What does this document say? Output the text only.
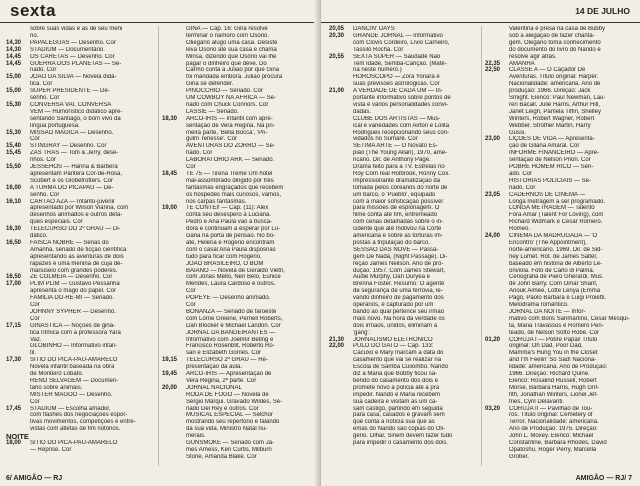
sexta
sobre suas vidas e as de seu meni
no.
14,30	PAPALÉGUAS — Desenho. Cor
14,30	STADIUM — Documentário.
14,45	OS CARETAS — Desenho. Cor
14,45	GUERRA DOS PLANETAS — Se-
riado. Cor
15,00	JOÃO DA SILVA — Novela didá-
tica. Cor
15,00	SUPER PRESIDENTE — De-
senho. Cor
15,30	CONVERSA VAI, CONVERSA
VEM — Humorístico didático apre-
sentando Santiago, o bom vivo da
língua portuguesa.
15,30	MISSÃO MÁGICA — Desenho.
Cor
15,40	STINGRAY — Desenho. Cor
15,45	ZAS TRÁS — Tom & Jerry, dese-
nhos. Cor
15,50	JESSEHOS — Hanna & Barbera
apresentam Pantera Cor-de-Rosa,
Scobert e os Globetrotters. Cor
16,00	A TURMA DO PICAPAU — De-
senho. Cor
16,10	CARTÃO AZA — Infanto-juvenil
apresentado por Wilson Vianna, com
desenhos animados e outros deta-
ques especiais. Cor
16,30	TELECURSO DO 2º GRAU — Di-
dático.
16,50	FAÍSCA NOBRE — Senas do
Amanhã, seriado de ficção científica
apresentando as aventuras de dois
rapazes e uma menina de cuja de-
manuseio com grandes poderes.
16,50	ZÉ COLMEIA — Desenho. Cor
17,00	PLIM PLIM — Gustavo Pessanha
apresenta o mago do papel. Cor
FAMÍLIA DÓ-RÉ-MI — Seriado.
Cor
JOHNNY SYPHER — Desenho.
Cor
17,15	GINÁSTICA — Noções de giná-
tica rítmica com a professora Yara
Vaz.
GLOBINHO — Informativo infan-
til.
17,30	SÍTIO DO PICA-PAU-AMARELO
Novela infantil baseada na obra
de Monteiro Lobato.
RENO SELVAGEM — Documen-
tário sobre animais.
MISTER MAGOO — Desenho.
Cor
17,45	STADIUM — Escolha amador,
com flashes dos negociações espor-
tivas movimentos, competições e entre-
vistas com atletas de fim notórios.
NOITE
18,00	SÍTIO DO PICA-PAU-AMARELO
— Reprise. Cor
GINA — Cap. 16: Gina resolve
terminar o namoro com Osório.
Oliegário alugo uma casa. Desiste
leva Osório até sua casa e chama
Minsa, dizendo que Osório vai lhe
pagar o dinheiro que deve. Do
Carmo conta a Julião por que Gina
foi mandada embora. Julião procura
Gina se defender.
PINOCCHIO — Seriado. Cor
UM COWBOY NA ÁFRICA — Se-
riado com Chuck Connors. Cor
LASSIE — Seriado.
18,30	ARCO-ÍRIS — Infantil com apre-
sentação de Vera Regina. Na pri-
meira parte, 'Bella Bocca', 'Pri-
gulm Tenesse'. Cor
AVENTURAS DO ZORRO — Se-
riado. Cor
LABORATÓRIO ARK — Seriado.
Cor
18,45	TE 75 — Tirena Treme Um hotel
mal-assombrado dirigido por três
fantasmas engraçados que recebem
os hóspedes mais curiosos, vamos,
nos carpas fantasmas.
19,00	TE CONTEI! — Cap. (11): Alex
conta seu desespero a Luciana.
Pedro e Ana Paula vão à busca-
dora e continuam a esperar por Lu-
ciana na porta de pensão. No bo-
ate, Helena e Rogério encontram
com o casal Ana Paula disposnas
tudo para ficar com Rogério.
JOÃO BRASILEIRO, O BOM
BAIANO — Novela de Geraldo Vietri,
com Jonas Mello, Neri Belo, Eunice
Mendes, Laura Cardoso e outros.
Cor
POPEYE — Desenho animado.
Cor
BONANZA — Seriado de faroeste
com Lorne Greene, Pernell Roberts,
Dan Blocker e Michael Landon. Cor
JORNAL DA BANDEIRANTES —
Informativo com Joelmir Beting e
Francisco Rosenblit, Roberto Ro-
sari e Elizabeth Gomes. Cor
19,15	TELECURSO 2º GRAU — Re-
presentação da aula.
19,45	ARCO-ÍRIS — Apresentação de
Vera Regina, 2ª parte. Cor
20,00	JORNAL NACIONAL
RODA DE FOGO — Novela de
Sérgio Marqui. Gravado Wildes, Se-
nado Del Rey e outros. Cor
MUSICAL ESPECIAL — Selchor
mostrando seu repertório e falando
da sua vida. Ministro Natal nu-
merais.
GUNSMOKE — Seriado com Ja-
mes Arness, Ken Curtis, Milburn
Stone, Amanda Blake. Cor
6/ AMIGÃO — RJ
14 DE JULHO
20,05	DANCIN' DAYS
20,30	GRANDE JORNAL — Informativo
com Clovis Cordeiro, Lívio Carneiro,
Tassilo Rocha. Cor
20,55	SEXTA SUPER — Saudade Não
Tem Idade, Semba-Canção. (Maté-
ria neste número.)
HORÓSCOPO — Zora Yonara e
suas previsões astrológicas. Cor
21,00	A VERDADE DE CADA UM — In-
portante informativo sobre pontos de
vista e vários personalidades convi-
dadas.
CLUBE DOS ARTISTAS — Mus-
ical e variedades com Airton e Lolita
Rodrigues recepcionando seus con-
vidados no Sumaré. Cor
SÉTIMA ARTE — O Novato Es-
pião (The Young Allan), 1970, ame-
ricano. Dir. de Anthony Page.
Drama feito para a TV. Estrelas no
Roy Com real Holbrook, Ronny Cox.
Impressionante dramatização da
tomada pelos coreanos do norte de
um barco, o 'Pueblo', equipado
com a maior sofisticação possível
para missões de espionagem. O
filme conta até fim, entremeado
com cenas detalhadas sobre o in-
cidente que até motivou na Corte
americana e sobre as torturas im-
postas à tripulação do barco.
SESSÃO DAS NOVE — Passa-
gem De Nada, (Night Passage). Di-
reção James Neilson. Ano de pro-
dução: 1957. Com James Stewart,
Audie Murphy, Dan Duryea e
Brenna Foster. Resumo: O agente
de segurança de uma ferrovia, le-
vando dinheiro de pagamento dos
operários, é capturado por um
bando ao qual pertence seu irmão
mais novo. Na hora da verdade os
dois irmãos, unidos, eliminam a
'gang'.
21,30	JORNALISMO ELETRÔNICO
22,00	PULO DO GATO — Cap. 133:
Cacuxo e Mary marcam a data do
casamento que vai se realizar na
Escola de Samba Cuiiombo. Nando
diz a Maria que Bobby ficou sa-
bendo do casamento dos dois e
promete novo a polícia até a pra
impedir. Nando e Maria recebem
sua cadeira e visitam as um ca-
sam castigo, partindo em seguida
para casa, casados e gravam sem
que conta a notícia sua que as
emas do Nando são cópias do Oli-
gério. Olhar, Sinem devem fazer tudo
para impedir o casamento dos dois.
Valentina é presa na casa de Bubby
sob a alegação de fazer chanta-
gem. Olegário toma conhecimento
do documento do livro do Nando e
resolve agir atrás.
22,35	AMANHÃ
22,50	CLASSE A — O Caçador De
Aventuras. Título original: Harper.
Nacionalidade: americana. Ano de
produção: 1966. Direção: Jack
Smight. Elenco: Paul Newman, Lau-
ren Bacall, Julie Harris, Arthur Hill,
Janet Leigh, Pamela Tiffin, Shelley
Winters, Robert Wagner, Robert
Webber. Strother Martin, Harry
Gussi.
23,00	LIÇÕES DE VIDA — Apresenta-
ção de Gilana Amaral. Cor
INFORME FINANCEIRO — Apre-
sentação de Nelson Priori. Cor
POBRE HOMEM RICO — Seri-
ado. Cor
HISTÓRIAS POLICIAIS — Se-
riado. Cor
23,05	CADERNOS DE CINEMA —
Longa metragem a ser programado.
LONGA METRAGEM — Talento
Fora Amar (Talent For Loving), com
Richard Widmark e Cesar Romero.
Romeo.
24,00	CINEMA DA MADRUGADA — 'O
Encontro' (The Appointment),
norte-americano, 1969. Dir. de Sid-
ney Lumet. Rot. de James Salter,
baseado em história de Alberto Le-
onviola. Foto de Carlo di Palma.
Cenografia de Piero Gherardi. Mus.
de John Barry. Com Omar Sharif,
Anouk Aimée, Lotte Lenya (Emma
Pagó, Paolo Barbara e Luigi Proietti.
Melodrama romântico.
JORNAL DA NOITE — Infor-
mativo com Boris Sanmartino, Cesar Mesqui-
ta, Maria Travassos e Romero Pen-
teado, de Nelson Sotto Robe. Cor
01,20	CORUJA I — Pobre Papai! Título
original: Oh Dad, Poor Dad,
Mamma's Hung You in the Closet
and I'm Feelin' So Sad! Naciona-
lidade: americana. Ano de Produção:
1966. Direção: Richard Quine.
Elenco: Rosalind Russell, Robert
Morse, Barbara Harris, Hugh Grif-
fith, Jonathan Winters, Lionel Jef-
fries, Cyril Delavanti.
03,20	CORUJA II — Pavilhão de Tou-
ros. Título original: Cemetery of
Terror. Nacionalidade: americana.
Ano de Produção: 1975. Direção:
John L. Moxey. Elenco: Michael
Constantine, Barbara Rhodes, David
Opatoshu, Roger Perry, Marcella
Grober.
AMIGÃO — RJ/ 7
